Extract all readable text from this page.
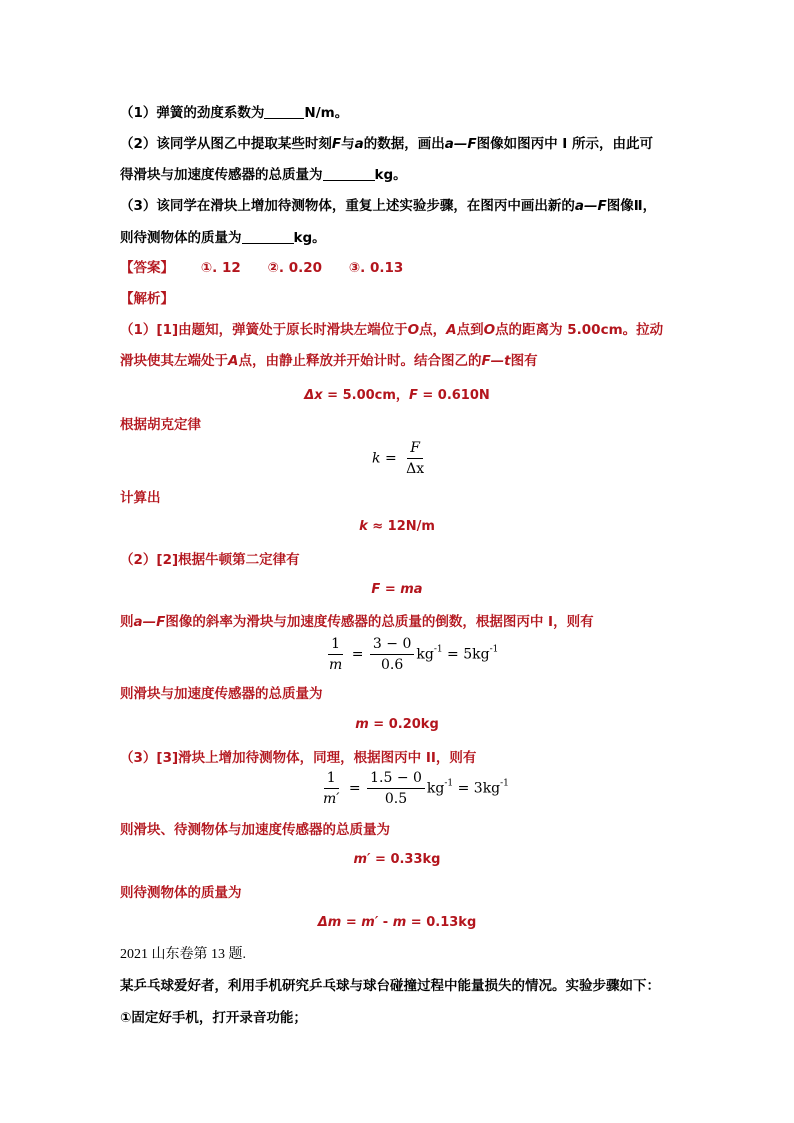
（1）弹簧的劲度系数为	N/m。
（2）该同学从图乙中提取某些时刻F与a的数据，画出a—F图像如图丙中 I 所示，由此可
得滑块与加速度传感器的总质量为	kg。
（3）该同学在滑块上增加待测物体，重复上述实验步骤，在图丙中画出新的a—F图像Ⅱ，
则待测物体的质量为	kg。
【答案】 ①. 12 ②. 0.20 ③. 0.13
【解析】
（1）[1]由题知，弹簧处于原长时滑块左端位于O点，A点到O点的距离为 5.00cm。拉动
滑块使其左端处于A点，由静止释放并开始计时。结合图乙的F—t图有
Δx = 5.00cm，F = 0.610N
根据胡克定律
$k = \frac{F}{\Delta x}$
计算出
k ≈ 12N/m
（2）[2]根据牛顿第二定律有
F = ma
则a—F图像的斜率为滑块与加速度传感器的总质量的倒数，根据图丙中 I，则有
$\frac{1}{m} = \frac{3 - 0}{0.6} kg^{-1} = 5kg^{-1}$
则滑块与加速度传感器的总质量为
m = 0.20kg
（3）[3]滑块上增加待测物体，同理，根据图丙中 II，则有
$\frac{1}{m'} = \frac{1.5 - 0}{0.5} kg^{-1} = 3kg^{-1}$
则滑块、待测物体与加速度传感器的总质量为
m′ = 0.33kg
则待测物体的质量为
Δm = m′ - m = 0.13kg
2021 山东卷第 13 题.
某乒乓球爱好者，利用手机研究乒乓球与球台碰撞过程中能量损失的情况。实验步骤如下：
①固定好手机，打开录音功能；
